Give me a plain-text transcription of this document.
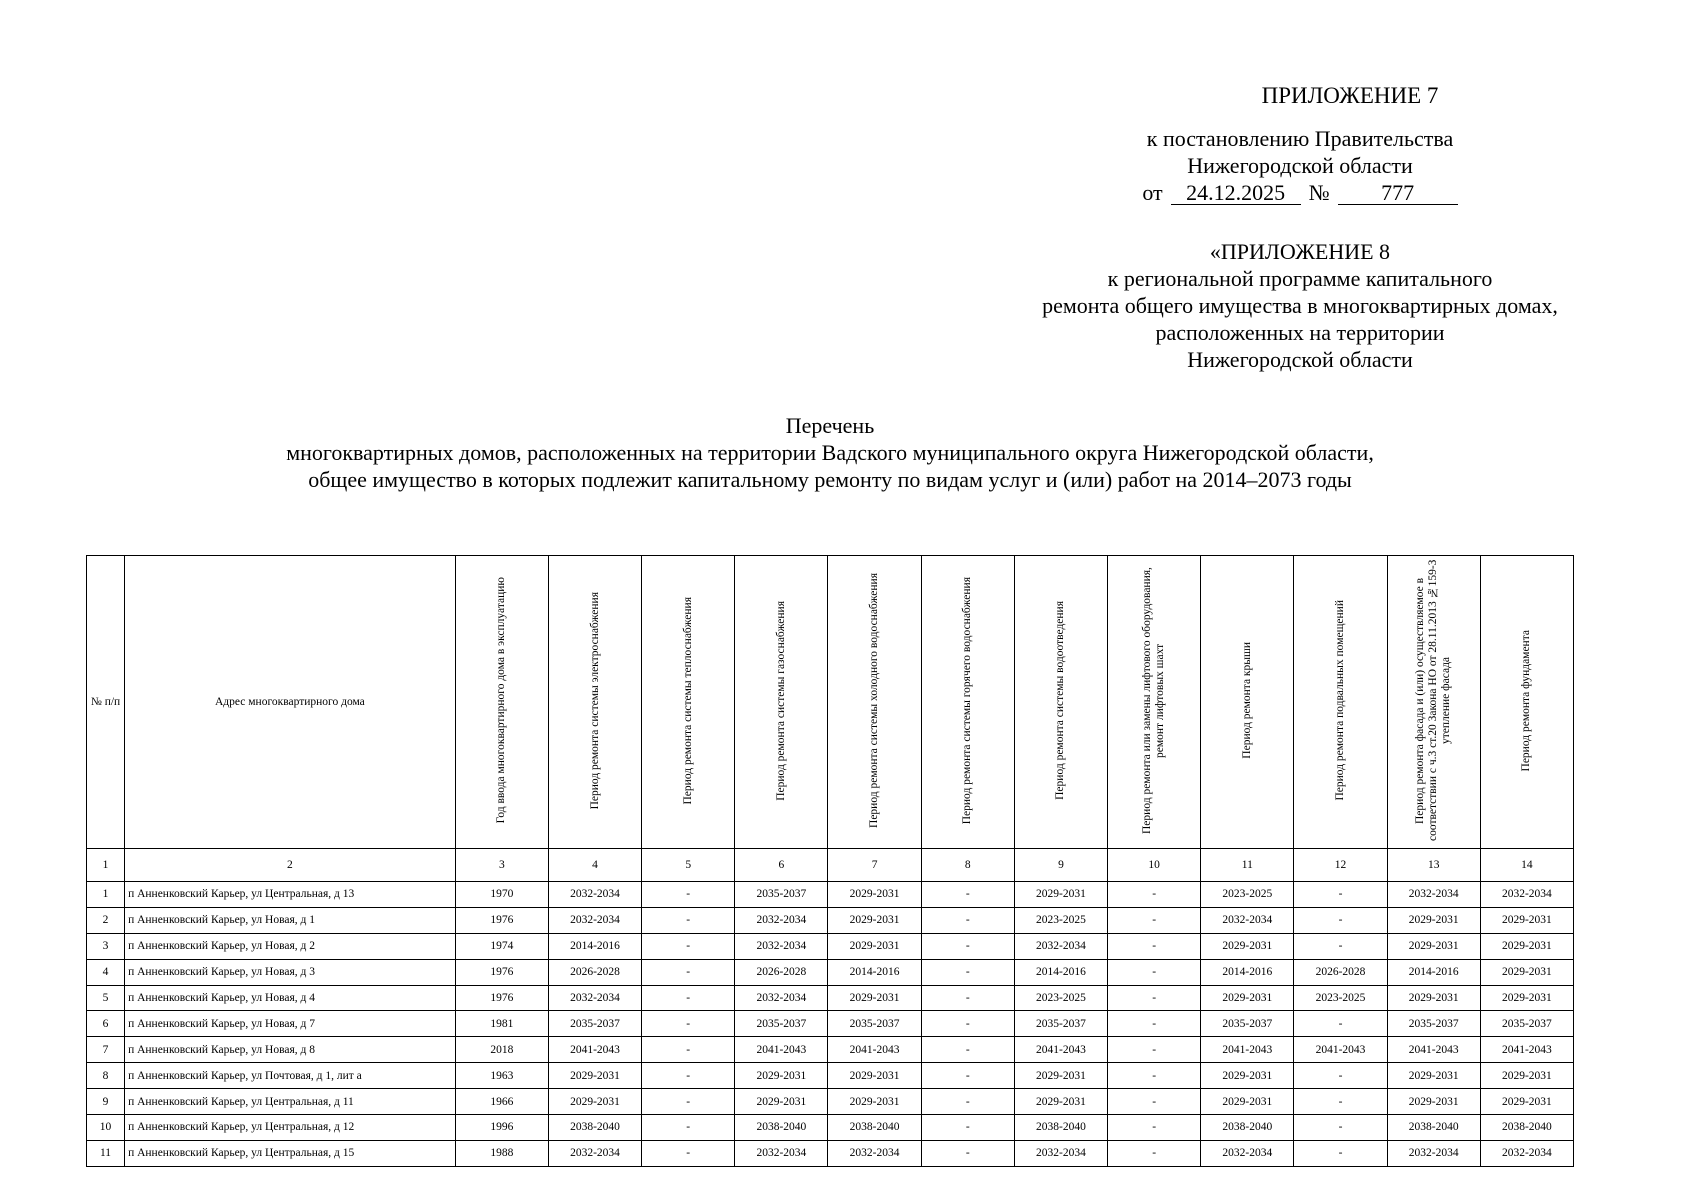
ПРИЛОЖЕНИЕ 7
к постановлению Правительства
Нижегородской области
от	24.12.2025	№	777
«ПРИЛОЖЕНИЕ 8
к региональной программе капитального
ремонта общего имущества в многоквартирных домах,
расположенных на территории
Нижегородской области
Перечень
многоквартирных домов, расположенных на территории Вадского муниципального округа Нижегородской области,
общее имущество в которых подлежит капитальному ремонту по видам услуг и (или) работ на 2014–2073 годы
№ п/п	Адрес многоквартирного дома	Год ввода многоквартирного дома в эксплуатацию	Период ремонта системы электроснабжения	Период ремонта системы теплоснабжения	Период ремонта системы газоснабжения	Период ремонта системы холодного водоснабжения	Период ремонта системы горячего водоснабжения	Период ремонта системы водоотведения	Период ремонта или замены лифтового оборудования, ремонт лифтовых шахт	Период ремонта крыши	Период ремонта подвальных помещений	Период ремонта фасада и (или) осуществляемое в соответствии с ч.3 ст.20 Закона НО от 28.11.2013 №159-З утепление фасада	Период ремонта фундамента
1	2	3	4	5	6	7	8	9	10	11	12	13	14
1	п Анненковский Карьер, ул Центральная, д 13	1970	2032-2034	-	2035-2037	2029-2031	-	2029-2031	-	2023-2025	-	2032-2034	2032-2034
2	п Анненковский Карьер, ул Новая, д 1	1976	2032-2034	-	2032-2034	2029-2031	-	2023-2025	-	2032-2034	-	2029-2031	2029-2031
3	п Анненковский Карьер, ул Новая, д 2	1974	2014-2016	-	2032-2034	2029-2031	-	2032-2034	-	2029-2031	-	2029-2031	2029-2031
4	п Анненковский Карьер, ул Новая, д 3	1976	2026-2028	-	2026-2028	2014-2016	-	2014-2016	-	2014-2016	2026-2028	2014-2016	2029-2031
5	п Анненковский Карьер, ул Новая, д 4	1976	2032-2034	-	2032-2034	2029-2031	-	2023-2025	-	2029-2031	2023-2025	2029-2031	2029-2031
6	п Анненковский Карьер, ул Новая, д 7	1981	2035-2037	-	2035-2037	2035-2037	-	2035-2037	-	2035-2037	-	2035-2037	2035-2037
7	п Анненковский Карьер, ул Новая, д 8	2018	2041-2043	-	2041-2043	2041-2043	-	2041-2043	-	2041-2043	2041-2043	2041-2043	2041-2043
8	п Анненковский Карьер, ул Почтовая, д 1, лит а	1963	2029-2031	-	2029-2031	2029-2031	-	2029-2031	-	2029-2031	-	2029-2031	2029-2031
9	п Анненковский Карьер, ул Центральная, д 11	1966	2029-2031	-	2029-2031	2029-2031	-	2029-2031	-	2029-2031	-	2029-2031	2029-2031
10	п Анненковский Карьер, ул Центральная, д 12	1996	2038-2040	-	2038-2040	2038-2040	-	2038-2040	-	2038-2040	-	2038-2040	2038-2040
11	п Анненковский Карьер, ул Центральная, д 15	1988	2032-2034	-	2032-2034	2032-2034	-	2032-2034	-	2032-2034	-	2032-2034	2032-2034
